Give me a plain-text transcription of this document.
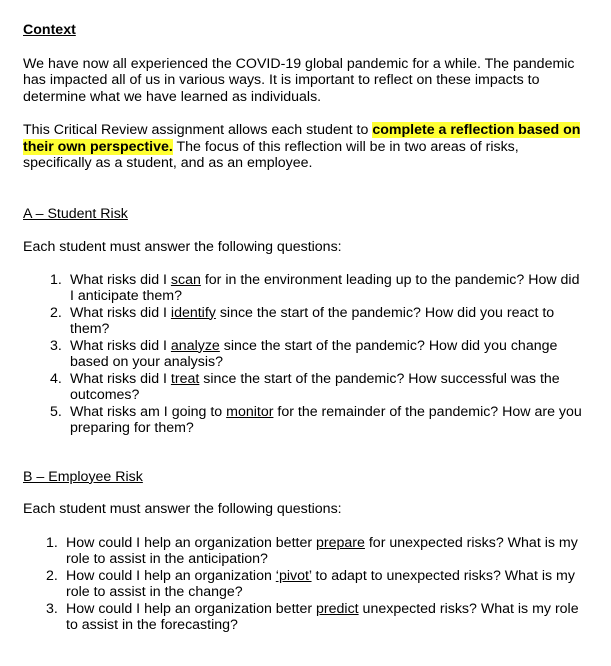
Context

We have now all experienced the COVID-19 global pandemic for a while. The pandemic has impacted all of us in various ways. It is important to reflect on these impacts to determine what we have learned as individuals.

This Critical Review assignment allows each student to complete a reflection based on their own perspective. The focus of this reflection will be in two areas of risks, specifically as a student, and as an employee.

A – Student Risk

Each student must answer the following questions:

1. What risks did I scan for in the environment leading up to the pandemic? How did I anticipate them?
2. What risks did I identify since the start of the pandemic? How did you react to them?
3. What risks did I analyze since the start of the pandemic? How did you change based on your analysis?
4. What risks did I treat since the start of the pandemic? How successful was the outcomes?
5. What risks am I going to monitor for the remainder of the pandemic? How are you preparing for them?

B – Employee Risk

Each student must answer the following questions:

1. How could I help an organization better prepare for unexpected risks? What is my role to assist in the anticipation?
2. How could I help an organization ‘pivot’ to adapt to unexpected risks? What is my role to assist in the change?
3. How could I help an organization better predict unexpected risks? What is my role to assist in the forecasting?
